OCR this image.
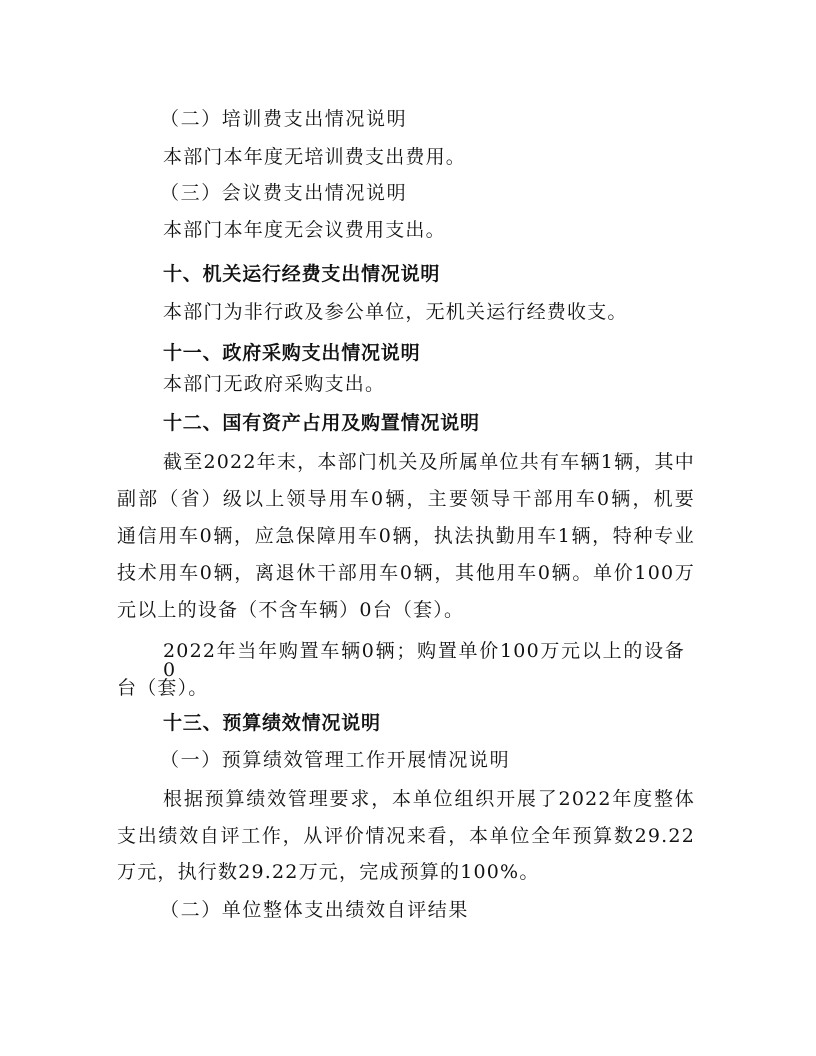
（二）培训费支出情况说明
本部门本年度无培训费支出费用。
（三）会议费支出情况说明
本部门本年度无会议费用支出。
十、机关运行经费支出情况说明
本部门为非行政及参公单位，无机关运行经费收支。
十一、政府采购支出情况说明
本部门无政府采购支出。
十二、国有资产占用及购置情况说明
截至2022年末，本部门机关及所属单位共有车辆1辆，其中
副部（省）级以上领导用车0辆，主要领导干部用车0辆，机要
通信用车0辆，应急保障用车0辆，执法执勤用车1辆，特种专业
技术用车0辆，离退休干部用车0辆，其他用车0辆。单价100万
元以上的设备（不含车辆）0台（套）。
2022年当年购置车辆0辆；购置单价100万元以上的设备0
台（套）。
十三、预算绩效情况说明
（一）预算绩效管理工作开展情况说明
根据预算绩效管理要求，本单位组织开展了2022年度整体
支出绩效自评工作，从评价情况来看，本单位全年预算数29.22
万元，执行数29.22万元，完成预算的100%。
（二）单位整体支出绩效自评结果
